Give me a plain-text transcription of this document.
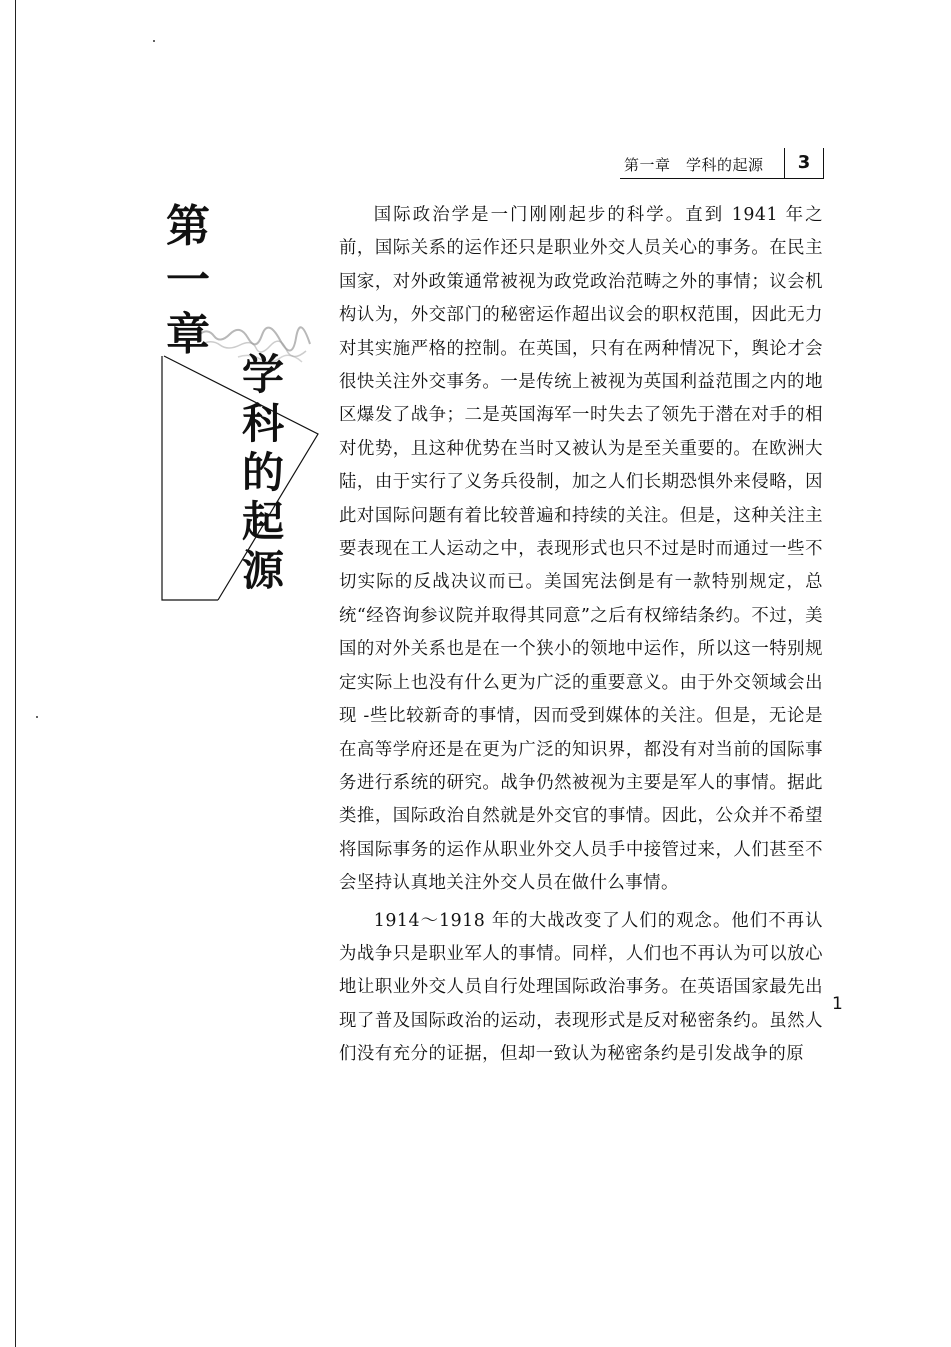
第一章　学科的起源	3
第
一
章
学
科
的
起
源

国际政治学是一门刚刚起步的科学。直到 1941 年之前，国际关系的运作还只是职业外交人员关心的事务。在民主国家，对外政策通常被视为政党政治范畴之外的事情；议会机构认为，外交部门的秘密运作超出议会的职权范围，因此无力对其实施严格的控制。在英国，只有在两种情况下，舆论才会很快关注外交事务。一是传统上被视为英国利益范围之内的地区爆发了战争；二是英国海军一时失去了领先于潜在对手的相对优势，且这种优势在当时又被认为是至关重要的。在欧洲大陆，由于实行了义务兵役制，加之人们长期恐惧外来侵略，因此对国际问题有着比较普遍和持续的关注。但是，这种关注主要表现在工人运动之中，表现形式也只不过是时而通过一些不切实际的反战决议而已。美国宪法倒是有一款特别规定，总统“经咨询参议院并取得其同意”之后有权缔结条约。不过，美国的对外关系也是在一个狭小的领地中运作，所以这一特别规定实际上也没有什么更为广泛的重要意义。由于外交领域会出现 -些比较新奇的事情，因而受到媒体的关注。但是，无论是在高等学府还是在更为广泛的知识界，都没有对当前的国际事务进行系统的研究。战争仍然被视为主要是军人的事情。据此类推，国际政治自然就是外交官的事情。因此，公众并不希望将国际事务的运作从职业外交人员手中接管过来，人们甚至不会坚持认真地关注外交人员在做什么事情。

1914～1918 年的大战改变了人们的观念。他们不再认为战争只是职业军人的事情。同样，人们也不再认为可以放心地让职业外交人员自行处理国际政治事务。在英语国家最先出现了普及国际政治的运动，表现形式是反对秘密条约。虽然人们没有充分的证据，但却一致认为秘密条约是引发战争的原

1
